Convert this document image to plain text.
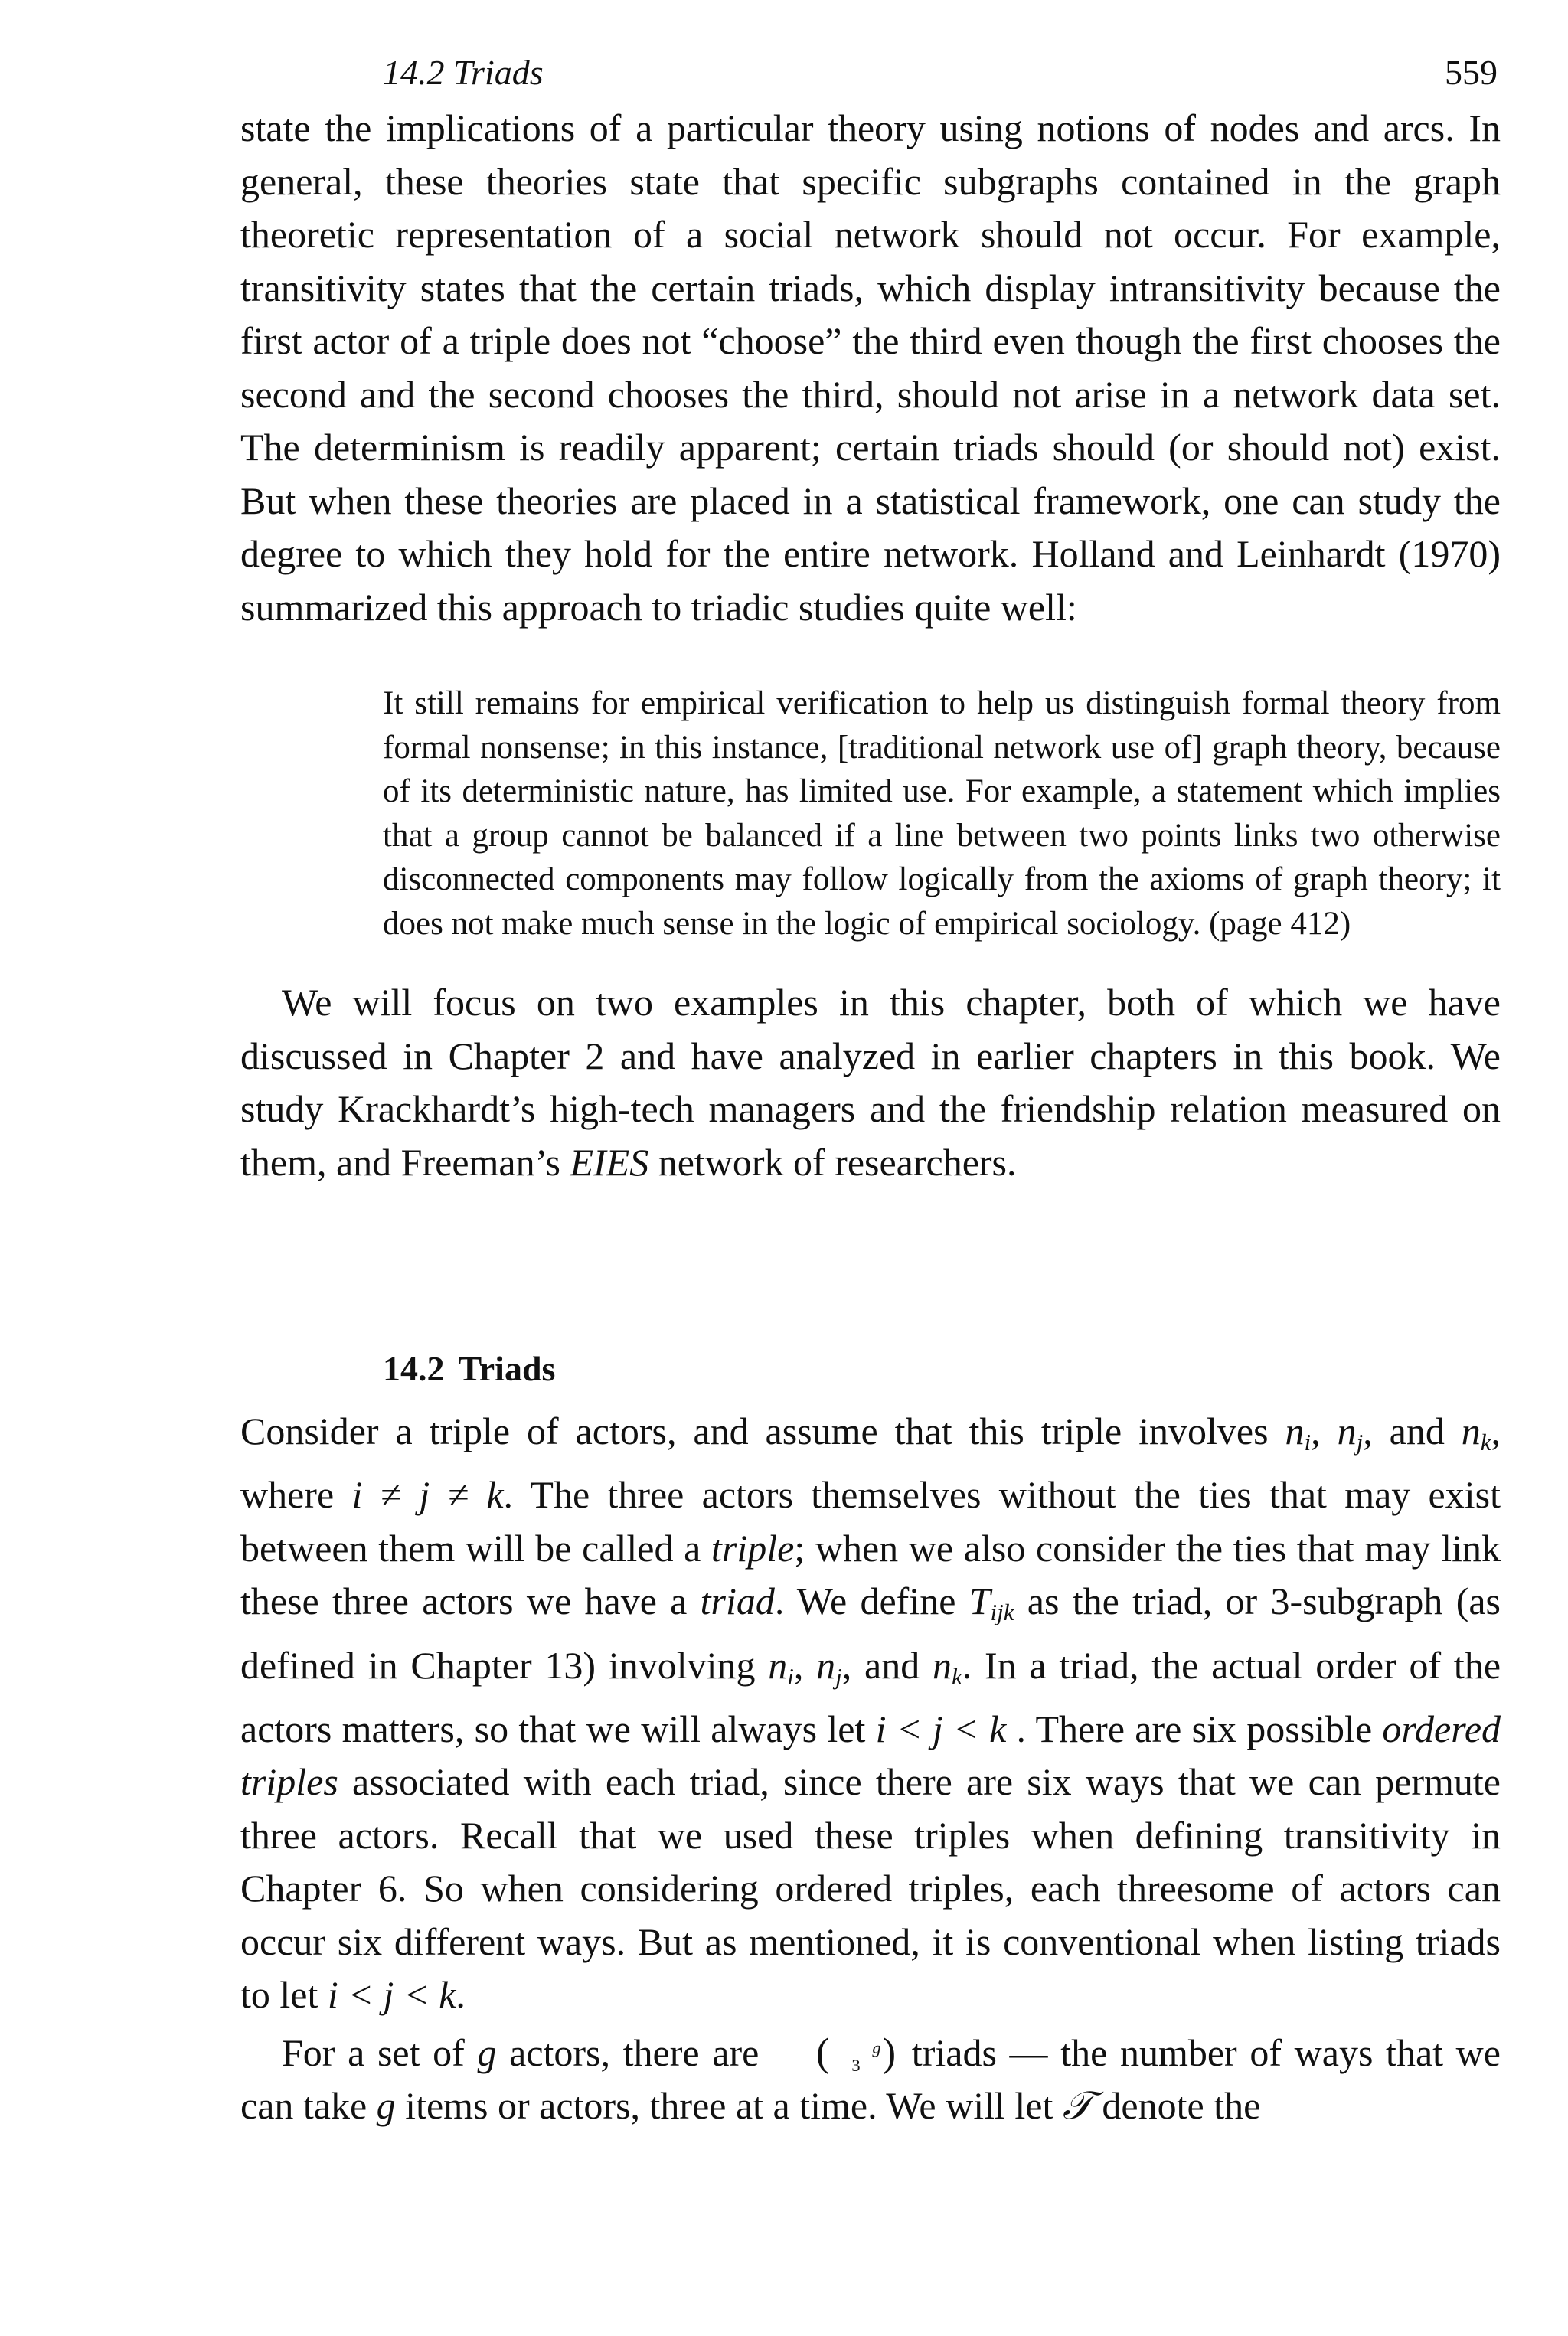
14.2 Triads	559

state the implications of a particular theory using notions of nodes and arcs. In general, these theories state that specific subgraphs contained in the graph theoretic representation of a social network should not occur. For example, transitivity states that the certain triads, which display intransitivity because the first actor of a triple does not “choose” the third even though the first chooses the second and the second chooses the third, should not arise in a network data set. The determinism is readily apparent; certain triads should (or should not) exist. But when these theories are placed in a statistical framework, one can study the degree to which they hold for the entire network. Holland and Leinhardt (1970) summarized this approach to triadic studies quite well:

It still remains for empirical verification to help us distinguish formal theory from formal nonsense; in this instance, [traditional network use of] graph theory, because of its deterministic nature, has limited use. For example, a statement which implies that a group cannot be balanced if a line between two points links two otherwise disconnected components may follow logically from the axioms of graph theory; it does not make much sense in the logic of empirical sociology. (page 412)

We will focus on two examples in this chapter, both of which we have discussed in Chapter 2 and have analyzed in earlier chapters in this book. We study Krackhardt’s high-tech managers and the friendship relation measured on them, and Freeman’s EIES network of researchers.

14.2 Triads

Consider a triple of actors, and assume that this triple involves $n_i$, $n_j$, and $n_k$, where i ≠ j ≠ k. The three actors themselves without the ties that may exist between them will be called a triple; when we also consider the ties that may link these three actors we have a triad. We define $T_{ijk}$ as the triad, or 3-subgraph (as defined in Chapter 13) involving $n_i$, $n_j$, and $n_k$. In a triad, the actual order of the actors matters, so that we will always let i < j < k . There are six possible ordered triples associated with each triad, since there are six ways that we can permute three actors. Recall that we used these triples when defining transitivity in Chapter 6. So when considering ordered triples, each threesome of actors can occur six different ways. But as mentioned, it is conventional when listing triads to let i < j < k.

For a set of g actors, there are ( g
3 ) triads — the number of ways that we can take g items or actors, three at a time. We will let 𝒯 denote the
